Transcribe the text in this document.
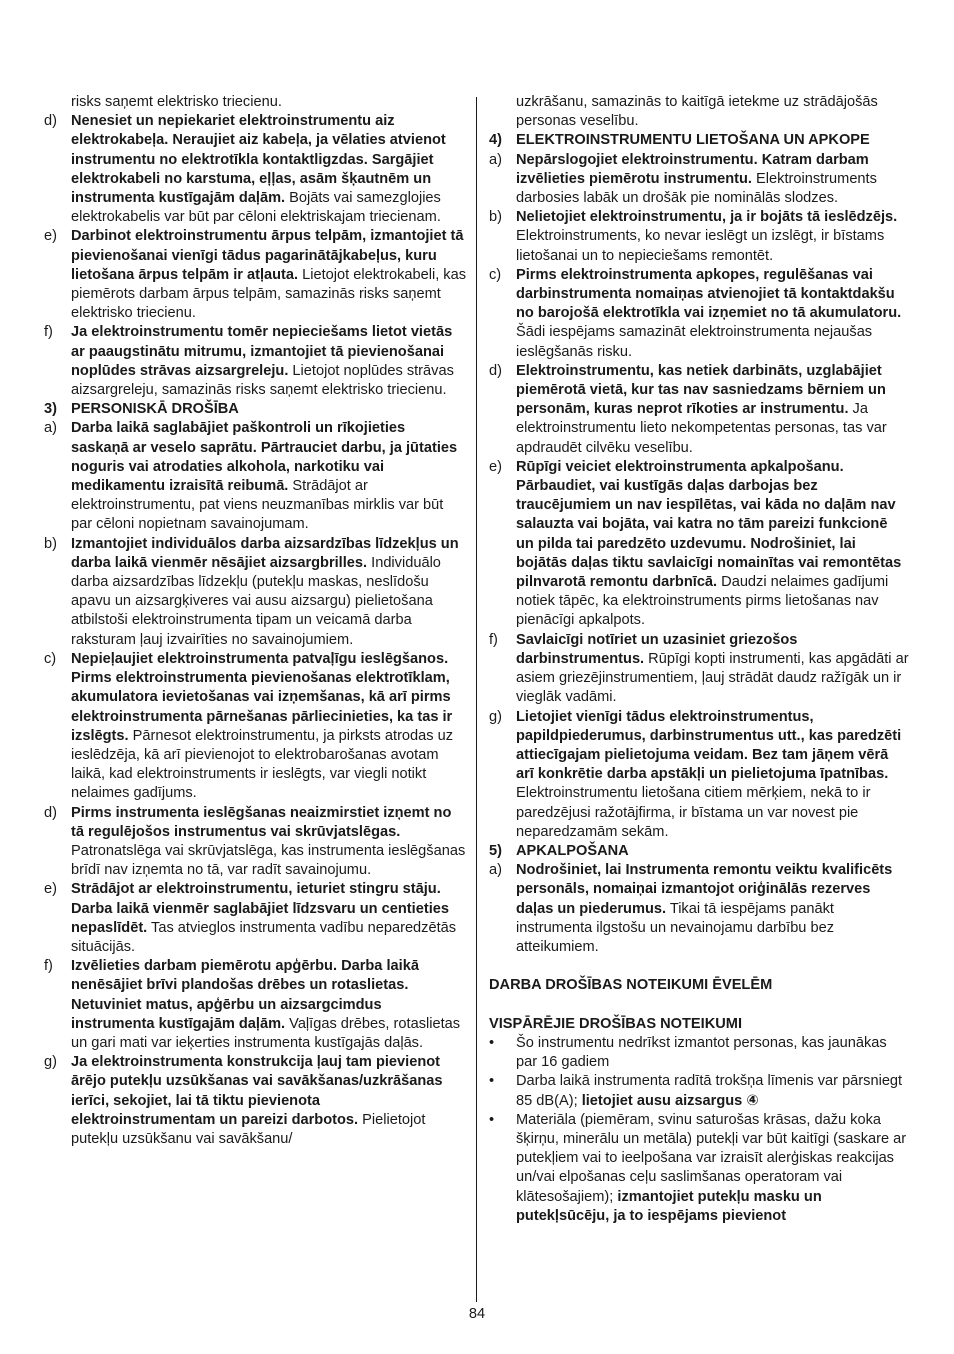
risks saņemt elektrisko triecienu.
d) Nenesiet un nepiekariet elektroinstrumentu aiz elektrokabeļa. Neraujiet aiz kabeļa, ja vēlaties atvienot instrumentu no elektrotīkla kontaktligzdas. Sargājiet elektrokabeli no karstuma, eļļas, asām šķautnēm un instrumenta kustīgajām daļām. Bojāts vai samezglojies elektrokabelis var būt par cēloni elektriskajam triecienam.
e) Darbinot elektroinstrumentu ārpus telpām, izmantojiet tā pievienošanai vienīgi tādus pagarinātājkabeļus, kuru lietošana ārpus telpām ir atļauta. Lietojot elektrokabeli, kas piemērots darbam ārpus telpām, samazinās risks saņemt elektrisko triecienu.
f) Ja elektroinstrumentu tomēr nepieciešams lietot vietās ar paaugstinātu mitrumu, izmantojiet tā pievienošanai noplūdes strāvas aizsargreleju. Lietojot noplūdes strāvas aizsargreleju, samazinās risks saņemt elektrisko triecienu.
3) PERSONISKĀ DROŠĪBA
a) Darba laikā saglabājiet paškontroli un rīkojieties saskaņā ar veselo saprātu. Pārtrauciet darbu, ja jūtaties noguris vai atrodaties alkohola, narkotiku vai medikamentu izraisītā reibumā. Strādājot ar elektroinstrumentu, pat viens neuzmanības mirklis var būt par cēloni nopietnam savainojumam.
b) Izmantojiet individuālos darba aizsardzības līdzekļus un darba laikā vienmēr nēsājiet aizsargbrilles. Individuālo darba aizsardzības līdzekļu (putekļu maskas, neslīdošu apavu un aizsargķiveres vai ausu aizsargu) pielietošana atbilstoši elektroinstrumenta tipam un veicamā darba raksturam ļauj izvairīties no savainojumiem.
c) Nepieļaujiet elektroinstrumenta patvaļīgu ieslēgšanos. Pirms elektroinstrumenta pievienošanas elektrotīklam, akumulatora ievietošanas vai izņemšanas, kā arī pirms elektroinstrumenta pārnešanas pārliecinieties, ka tas ir izslēgts. Pārnesot elektroinstrumentu, ja pirksts atrodas uz ieslēdzēja, kā arī pievienojot to elektrobarošanas avotam laikā, kad elektroinstruments ir ieslēgts, var viegli notikt nelaimes gadījums.
d) Pirms instrumenta ieslēgšanas neaizmirstiet izņemt no tā regulējošos instrumentus vai skrūvjatslēgas. Patronatslēga vai skrūvjatslēga, kas instrumenta ieslēgšanas brīdī nav izņemta no tā, var radīt savainojumu.
e) Strādājot ar elektroinstrumentu, ieturiet stingru stāju. Darba laikā vienmēr saglabājiet līdzsvaru un centieties nepaslīdēt. Tas atvieglos instrumenta vadību neparedzētās situācijās.
f) Izvēlieties darbam piemērotu apģērbu. Darba laikā nenēsājiet brīvi plandošas drēbes un rotaslietas. Netuviniet matus, apģērbu un aizsargcimdus instrumenta kustīgajām daļām. Vaļīgas drēbes, rotaslietas un gari mati var ieķerties instrumenta kustīgajās daļās.
g) Ja elektroinstrumenta konstrukcija ļauj tam pievienot ārējo putekļu uzsūkšanas vai savākšanas/uzkrāšanas ierīci, sekojiet, lai tā tiktu pievienota elektroinstrumentam un pareizi darbotos. Pielietojot putekļu uzsūkšanu vai savākšanu/
uzkrāšanu, samazinās to kaitīgā ietekme uz strādājošās personas veselību.
4) ELEKTROINSTRUMENTU LIETOŠANA UN APKOPE
a) Nepārslogojiet elektroinstrumentu. Katram darbam izvēlieties piemērotu instrumentu. Elektroinstruments darbosies labāk un drošāk pie nominālās slodzes.
b) Nelietojiet elektroinstrumentu, ja ir bojāts tā ieslēdzējs. Elektroinstruments, ko nevar ieslēgt un izslēgt, ir bīstams lietošanai un to nepieciešams remontēt.
c) Pirms elektroinstrumenta apkopes, regulēšanas vai darbinstrumenta nomaiņas atvienojiet tā kontaktdakšu no barojošā elektrotīkla vai izņemiet no tā akumulatoru. Šādi iespējams samazināt elektroinstrumenta nejaušas ieslēgšanās risku.
d) Elektroinstrumentu, kas netiek darbināts, uzglabājiet piemērotā vietā, kur tas nav sasniedzams bērniem un personām, kuras neprot rīkoties ar instrumentu. Ja elektroinstrumentu lieto nekompetentas personas, tas var apdraudēt cilvēku veselību.
e) Rūpīgi veiciet elektroinstrumenta apkalpošanu. Pārbaudiet, vai kustīgās daļas darbojas bez traucējumiem un nav iespīlētas, vai kāda no daļām nav salauzta vai bojāta, vai katra no tām pareizi funkcionē un pilda tai paredzēto uzdevumu. Nodrošiniet, lai bojātās daļas tiktu savlaicīgi nomainītas vai remontētas pilnvarotā remontu darbnīcā. Daudzi nelaimes gadījumi notiek tāpēc, ka elektroinstruments pirms lietošanas nav pienācīgi apkalpots.
f) Savlaicīgi notīriet un uzasiniet griezošos darbinstrumentus. Rūpīgi kopti instrumenti, kas apgādāti ar asiem griezējinstrumentiem, ļauj strādāt daudz ražīgāk un ir vieglāk vadāmi.
g) Lietojiet vienīgi tādus elektroinstrumentus, papildpiederumus, darbinstrumentus utt., kas paredzēti attiecīgajam pielietojuma veidam. Bez tam jāņem vērā arī konkrētie darba apstākļi un pielietojuma īpatnības. Elektroinstrumentu lietošana citiem mērķiem, nekā to ir paredzējusi ražotājfirma, ir bīstama un var novest pie neparedzamām sekām.
5) APKALPOŠANA
a) Nodrošiniet, lai Instrumenta remontu veiktu kvalificēts personāls, nomaiņai izmantojot oriģinālās rezerves daļas un piederumus. Tikai tā iespējams panākt instrumenta ilgstošu un nevainojamu darbību bez atteikumiem.
DARBA DROŠĪBAS NOTEIKUMI ĒVELĒM
VISPĀRĒJIE DROŠĪBAS NOTEIKUMI
• Šo instrumentu nedrīkst izmantot personas, kas jaunākas par 16 gadiem
• Darba laikā instrumenta radītā trokšņa līmenis var pārsniegt 85 dB(A); lietojiet ausu aizsargus ④
• Materiāla (piemēram, svinu saturošas krāsas, dažu koka šķirņu, minerālu un metāla) putekļi var būt kaitīgi (saskare ar putekļiem vai to ieelpošana var izraisīt alerģiskas reakcijas un/vai elpošanas ceļu saslimšanas operatoram vai klātesošajiem); izmantojiet putekļu masku un putekļsūcēju, ja to iespējams pievienot
84
